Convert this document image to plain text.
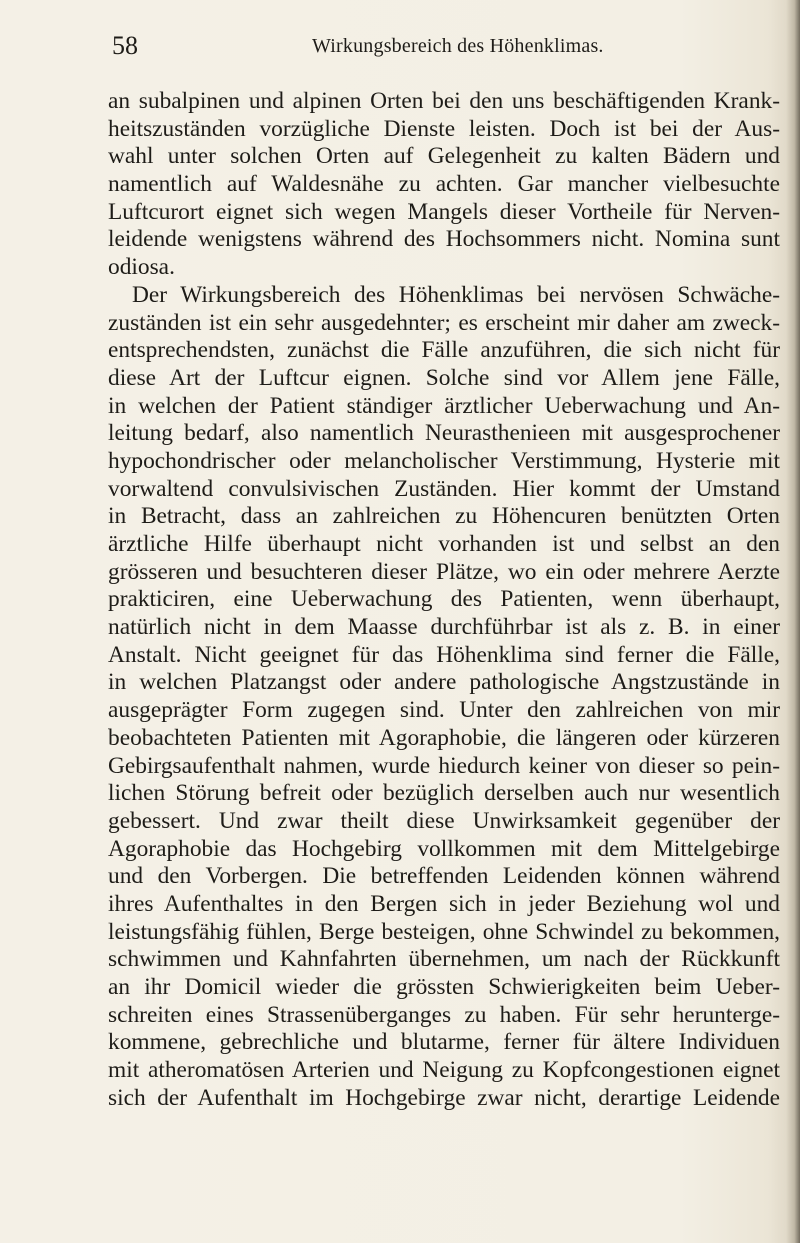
58	Wirkungsbereich des Höhenklimas.
an subalpinen und alpinen Orten bei den uns beschäftigenden Krank-
heitszuständen vorzügliche Dienste leisten. Doch ist bei der Aus-
wahl unter solchen Orten auf Gelegenheit zu kalten Bädern und
namentlich auf Waldesnähe zu achten. Gar mancher vielbesuchte
Luftcurort eignet sich wegen Mangels dieser Vortheile für Nerven-
leidende wenigstens während des Hochsommers nicht. Nomina sunt
odiosa.
Der Wirkungsbereich des Höhenklimas bei nervösen Schwäche-
zuständen ist ein sehr ausgedehnter; es erscheint mir daher am zweck-
entsprechendsten, zunächst die Fälle anzuführen, die sich nicht für
diese Art der Luftcur eignen. Solche sind vor Allem jene Fälle,
in welchen der Patient ständiger ärztlicher Ueberwachung und An-
leitung bedarf, also namentlich Neurasthenieen mit ausgesprochener
hypochondrischer oder melancholischer Verstimmung, Hysterie mit
vorwaltend convulsivischen Zuständen. Hier kommt der Umstand
in Betracht, dass an zahlreichen zu Höhencuren benützten Orten
ärztliche Hilfe überhaupt nicht vorhanden ist und selbst an den
grösseren und besuchteren dieser Plätze, wo ein oder mehrere Aerzte
prakticiren, eine Ueberwachung des Patienten, wenn überhaupt,
natürlich nicht in dem Maasse durchführbar ist als z. B. in einer
Anstalt. Nicht geeignet für das Höhenklima sind ferner die Fälle,
in welchen Platzangst oder andere pathologische Angstzustände in
ausgeprägter Form zugegen sind. Unter den zahlreichen von mir
beobachteten Patienten mit Agoraphobie, die längeren oder kürzeren
Gebirgsaufenthalt nahmen, wurde hiedurch keiner von dieser so pein-
lichen Störung befreit oder bezüglich derselben auch nur wesentlich
gebessert. Und zwar theilt diese Unwirksamkeit gegenüber der
Agoraphobie das Hochgebirg vollkommen mit dem Mittelgebirge
und den Vorbergen. Die betreffenden Leidenden können während
ihres Aufenthaltes in den Bergen sich in jeder Beziehung wol und
leistungsfähig fühlen, Berge besteigen, ohne Schwindel zu bekommen,
schwimmen und Kahnfahrten übernehmen, um nach der Rückkunft
an ihr Domicil wieder die grössten Schwierigkeiten beim Ueber-
schreiten eines Strassenüberganges zu haben. Für sehr herunterge-
kommene, gebrechliche und blutarme, ferner für ältere Individuen
mit atheromatösen Arterien und Neigung zu Kopfcongestionen eignet
sich der Aufenthalt im Hochgebirge zwar nicht, derartige Leidende
